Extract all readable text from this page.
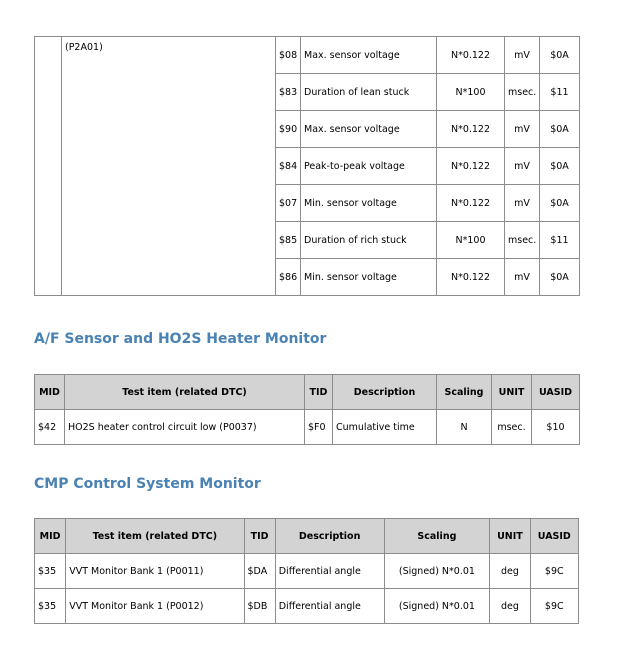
	(P2A01)	$08	Max. sensor voltage	N*0.122	mV	$0A
		$83	Duration of lean stuck	N*100	msec.	$11
		$90	Max. sensor voltage	N*0.122	mV	$0A
		$84	Peak-to-peak voltage	N*0.122	mV	$0A
		$07	Min. sensor voltage	N*0.122	mV	$0A
		$85	Duration of rich stuck	N*100	msec.	$11
		$86	Min. sensor voltage	N*0.122	mV	$0A
A/F Sensor and HO2S Heater Monitor
MID	Test item (related DTC)	TID	Description	Scaling	UNIT	UASID
$42	HO2S heater control circuit low (P0037)	$F0	Cumulative time	N	msec.	$10
CMP Control System Monitor
MID	Test item (related DTC)	TID	Description	Scaling	UNIT	UASID
$35	VVT Monitor Bank 1 (P0011)	$DA	Differential angle	(Signed) N*0.01	deg	$9C
$35	VVT Monitor Bank 1 (P0012)	$DB	Differential angle	(Signed) N*0.01	deg	$9C
